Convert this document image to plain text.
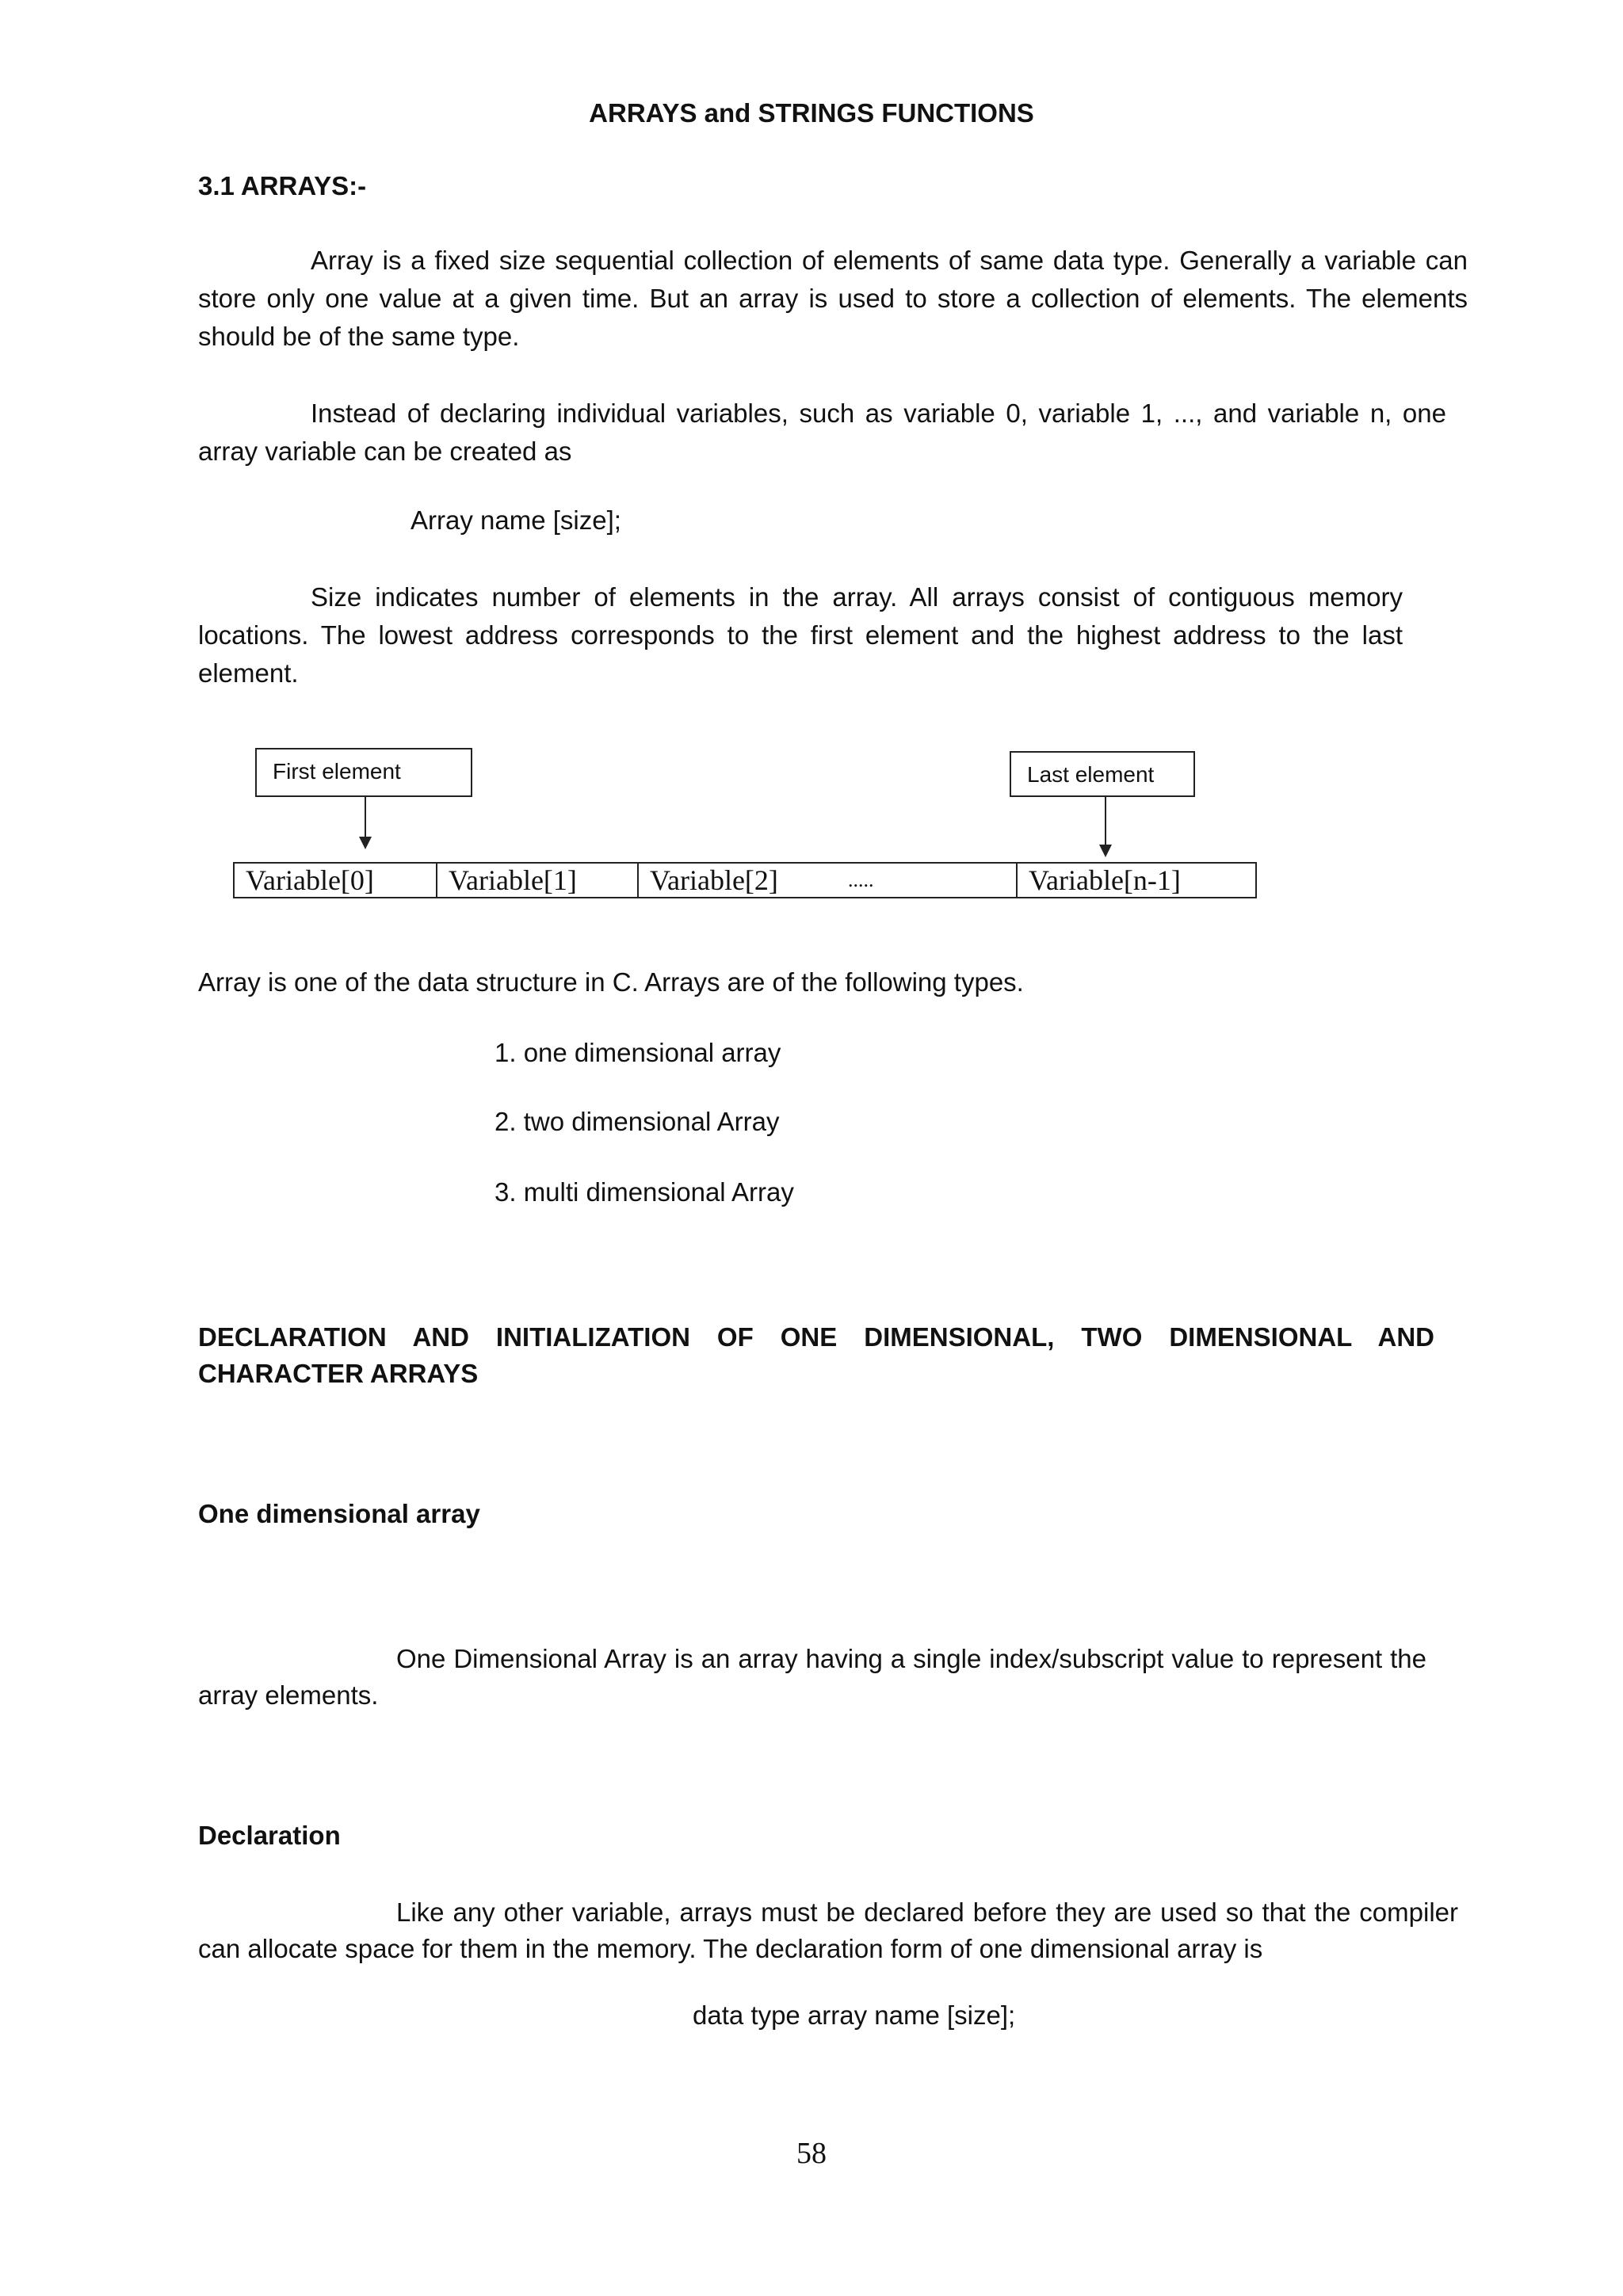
ARRAYS and STRINGS FUNCTIONS
3.1 ARRAYS:-
Array is a fixed size sequential collection of elements of same data type. Generally a variable can store only one value at a given time. But an array is used to store a collection of elements. The elements should be of the same type.
Instead of declaring individual variables, such as variable 0, variable 1, ..., and variable n, one array variable can be created as
Array name [size];
Size indicates number of elements in the array. All arrays consist of contiguous memory locations. The lowest address corresponds to the first element and the highest address to the last element.
First element	Last element
Variable[0]	Variable[1]	Variable[2]	.....	Variable[n-1]
Array is one of the data structure in C. Arrays are of the following types.
1. one dimensional array
2. two dimensional Array
3. multi dimensional Array
DECLARATION AND INITIALIZATION OF ONE DIMENSIONAL, TWO DIMENSIONAL AND CHARACTER ARRAYS
One dimensional array
One Dimensional Array is an array having a single index/subscript value to represent the array elements.
Declaration
Like any other variable, arrays must be declared before they are used so that the compiler can allocate space for them in the memory. The declaration form of one dimensional array is
data type array name [size];
58
